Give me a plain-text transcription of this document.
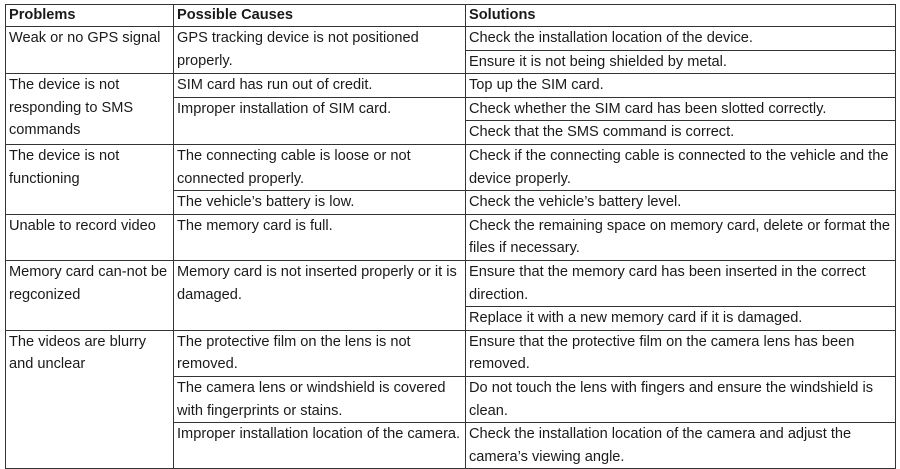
Problems	Possible Causes	Solutions
Weak or no GPS signal	GPS tracking device is not positioned properly.	Check the installation location of the device.
		Ensure it is not being shielded by metal.
The device is not responding to SMS commands	SIM card has run out of credit.	Top up the SIM card.
	Improper installation of SIM card.	Check whether the SIM card has been slotted correctly.
		Check that the SMS command is correct.
The device is not functioning	The connecting cable is loose or not connected properly.	Check if the connecting cable is connected to the vehicle and the device properly.
	The vehicle’s battery is low.	Check the vehicle’s battery level.
Unable to record video	The memory card is full.	Check the remaining space on memory card, delete or format the files if necessary.
Memory card can-not be regconized	Memory card is not inserted properly or it is damaged.	Ensure that the memory card has been inserted in the correct direction.
		Replace it with a new memory card if it is damaged.
The videos are blurry and unclear	The protective film on the lens is not removed.	Ensure that the protective film on the camera lens has been removed.
	The camera lens or windshield is covered with fingerprints or stains.	Do not touch the lens with fingers and ensure the windshield is clean.
	Improper installation location of the camera.	Check the installation location of the camera and adjust the camera’s viewing angle.
